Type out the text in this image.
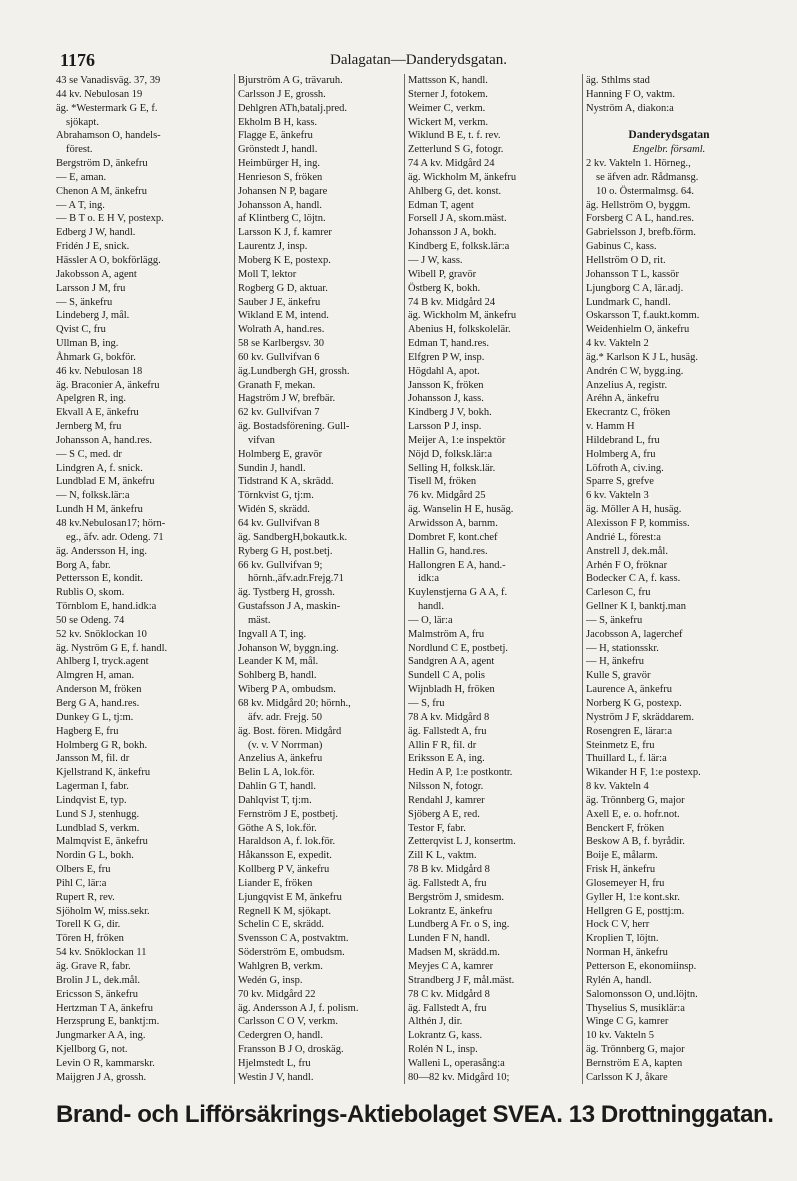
1176	Dalagatan—Danderydsgatan.
43 se Vanadisväg. 37, 39
44 kv. Nebulosan 19
äg. *Westermark G E, f.
sjökapt.
Abrahamson O, handels-
förest.
Bergström D, änkefru
— E, aman.
Chenon A M, änkefru
— A T, ing.
— B T o. E H V, postexp.
Edberg J W, handl.
Fridén J E, snick.
Hässler A O, bokförlägg.
Jakobsson A, agent
Larsson J M, fru
— S, änkefru
Lindeberg J, mål.
Qvist C, fru
Ullman B, ing.
Åhmark G, bokför.
46 kv. Nebulosan 18
äg. Braconier A, änkefru
Apelgren R, ing.
Ekvall A E, änkefru
Jernberg M, fru
Johansson A, hand.res.
— S C, med. dr
Lindgren A, f. snick.
Lundblad E M, änkefru
— N, folksk.lär:a
Lundh H M, änkefru
48 kv.Nebulosan17; hörn-
eg., äfv. adr. Odeng. 71
äg. Andersson H, ing.
Borg A, fabr.
Pettersson E, kondit.
Rublis O, skom.
Törnblom E, hand.idk:a
50 se Odeng. 74
52 kv. Snöklockan 10
äg. Nyström G E, f. handl.
Ahlberg I, tryck.agent
Almgren H, aman.
Anderson M, fröken
Berg G A, hand.res.
Dunkey G L, tj:m.
Hagberg E, fru
Holmberg G R, bokh.
Jansson M, fil. dr
Kjellstrand K, änkefru
Lagerman I, fabr.
Lindqvist E, typ.
Lund S J, stenhugg.
Lundblad S, verkm.
Malmqvist E, änkefru
Nordin G L, bokh.
Olbers E, fru
Pihl C, lär:a
Rupert R, rev.
Sjöholm W, miss.sekr.
Torell K G, dir.
Tören H, fröken
54 kv. Snöklockan 11
äg. Grave R, fabr.
Brolin J L, dek.mål.
Ericsson S, änkefru
Hertzman T A, änkefru
Herzsprung E, banktj:m.
Jungmarker A A, ing.
Kjellborg G, not.
Levin O R, kammarskr.
Maijgren J A, grossh.
Bjurström A G, trävaruh.
Carlsson J E, grossh.
Dehlgren ATh,batalj.pred.
Ekholm B H, kass.
Flagge E, änkefru
Grönstedt J, handl.
Heimbürger H, ing.
Henrieson S, fröken
Johansen N P, bagare
Johansson A, handl.
af Klintberg C, löjtn.
Larsson K J, f. kamrer
Laurentz J, insp.
Moberg K E, postexp.
Moll T, lektor
Rogberg G D, aktuar.
Sauber J E, änkefru
Wikland E M, intend.
Wolrath A, hand.res.
58 se Karlbergsv. 30
60 kv. Gullvifvan 6
äg.Lundbergh GH, grossh.
Granath F, mekan.
Hagström J W, brefbär.
62 kv. Gullvifvan 7
äg. Bostadsförening. Gull-
vifvan
Holmberg E, gravör
Sundin J, handl.
Tidstrand K A, skrädd.
Törnkvist G, tj:m.
Widén S, skrädd.
64 kv. Gullvifvan 8
äg. SandbergH,bokautk.k.
Ryberg G H, post.betj.
66 kv. Gullvifvan 9;
hörnh.,äfv.adr.Frejg.71
äg. Tystberg H, grossh.
Gustafsson J A, maskin-
mäst.
Ingvall A T, ing.
Johanson W, byggn.ing.
Leander K M, mål.
Sohlberg B, handl.
Wiberg P A, ombudsm.
68 kv. Midgård 20; hörnh.,
äfv. adr. Frejg. 50
äg. Bost. fören. Midgård
(v. v. V Norrman)
Anzelius A, änkefru
Belin L A, lok.för.
Dahlin G T, handl.
Dahlqvist T, tj:m.
Fernström J E, postbetj.
Göthe A S, lok.för.
Haraldson A, f. lok.för.
Håkansson E, expedit.
Kollberg P V, änkefru
Liander E, fröken
Ljungqvist E M, änkefru
Regnell K M, sjökapt.
Schelin C E, skrädd.
Svensson C A, postvaktm.
Söderström E, ombudsm.
Wahlgren B, verkm.
Wedén G, insp.
70 kv. Midgård 22
äg. Andersson A J, f. polism.
Carlsson C O V, verkm.
Cedergren O, handl.
Fransson B J O, droskäg.
Hjelmstedt L, fru
Westin J V, handl.
Mattsson K, handl.
Sterner J, fotokem.
Weimer C, verkm.
Wickert M, verkm.
Wiklund B E, t. f. rev.
Zetterlund S G, fotogr.
74 A kv. Midgård 24
äg. Wickholm M, änkefru
Ahlberg G, det. konst.
Edman T, agent
Forsell J A, skom.mäst.
Johansson J A, bokh.
Kindberg E, folksk.lär:a
— J W, kass.
Wibell P, gravör
Östberg K, bokh.
74 B kv. Midgård 24
äg. Wickholm M, änkefru
Abenius H, folkskolelär.
Edman T, hand.res.
Elfgren P W, insp.
Högdahl A, apot.
Jansson K, fröken
Johansson J, kass.
Kindberg J V, bokh.
Larsson P J, insp.
Meijer A, 1:e inspektör
Nöjd D, folksk.lär:a
Selling H, folksk.lär.
Tisell M, fröken
76 kv. Midgård 25
äg. Wanselin H E, husäg.
Arwidsson A, barnm.
Dombret F, kont.chef
Hallin G, hand.res.
Hallongren E A, hand.-
idk:a
Kuylenstjerna G A A, f.
handl.
— O, lär:a
Malmström A, fru
Nordlund C E, postbetj.
Sandgren A A, agent
Sundell C A, polis
Wijnbladh H, fröken
— S, fru
78 A kv. Midgård 8
äg. Fallstedt A, fru
Allin F R, fil. dr
Eriksson E A, ing.
Hedin A P, 1:e postkontr.
Nilsson N, fotogr.
Rendahl J, kamrer
Sjöberg A E, red.
Testor F, fabr.
Zetterqvist L J, konsertm.
Zill K L, vaktm.
78 B kv. Midgård 8
äg. Fallstedt A, fru
Bergström J, smidesm.
Lokrantz E, änkefru
Lundberg A Fr. o S, ing.
Lunden F N, handl.
Madsen M, skrädd.m.
Meyjes C A, kamrer
Strandberg J F, mål.mäst.
78 C kv. Midgård 8
äg. Fallstedt A, fru
Althén J, dir.
Lokrantz G, kass.
Rolén N L, insp.
Walleni L, operasång:a
80—82 kv. Midgård 10;
äg. Sthlms stad
Hanning F O, vaktm.
Nyström A, diakon:a

Danderydsgatan
Engelbr. församl.
2 kv. Vakteln 1. Hörneg.,
se äfven adr. Rådmansg.
10 o. Östermalmsg. 64.
äg. Hellström O, byggm.
Forsberg C A L, hand.res.
Gabrielsson J, brefb.förm.
Gabinus C, kass.
Hellström O D, rit.
Johansson T L, kassör
Ljungborg C A, lär.adj.
Lundmark C, handl.
Oskarsson T, f.aukt.komm.
Weidenhielm O, änkefru
4 kv. Vakteln 2
äg.* Karlson K J L, husäg.
Andrén C W, bygg.ing.
Anzelius A, registr.
Aréhn A, änkefru
Ekecrantz C, fröken
v. Hamm H
Hildebrand L, fru
Holmberg A, fru
Löfroth A, civ.ing.
Sparre S, grefve
6 kv. Vakteln 3
äg. Möller A H, husäg.
Alexisson F P, kommiss.
Andrié L, förest:a
Anstrell J, dek.mål.
Arhén F O, fröknar
Bodecker C A, f. kass.
Carleson C, fru
Gellner K I, banktj.man
— S, änkefru
Jacobsson A, lagerchef
— H, stationsskr.
— H, änkefru
Kulle S, gravör
Laurence A, änkefru
Norberg K G, postexp.
Nyström J F, skräddarem.
Rosengren E, lärar:a
Steinmetz E, fru
Thuillard L, f. lär:a
Wikander H F, 1:e postexp.
8 kv. Vakteln 4
äg. Trönnberg G, major
Axell E, e. o. hofr.not.
Benckert F, fröken
Beskow A B, f. byrådir.
Boije E, målarm.
Frisk H, änkefru
Glosemeyer H, fru
Gyller H, 1:e kont.skr.
Hellgren G E, posttj:m.
Hock C V, herr
Kroplien T, löjtn.
Norman H, änkefru
Petterson E, ekonomiinsp.
Rylén A, handl.
Salomonsson O, und.löjtn.
Thyselius S, musiklär:a
Winge C G, kamrer
10 kv. Vakteln 5
äg. Trönnberg G, major
Bernström E A, kapten
Carlsson K J, åkare
Brand- och Lifförsäkrings-Aktiebolaget SVEA. 13 Drottninggatan.
